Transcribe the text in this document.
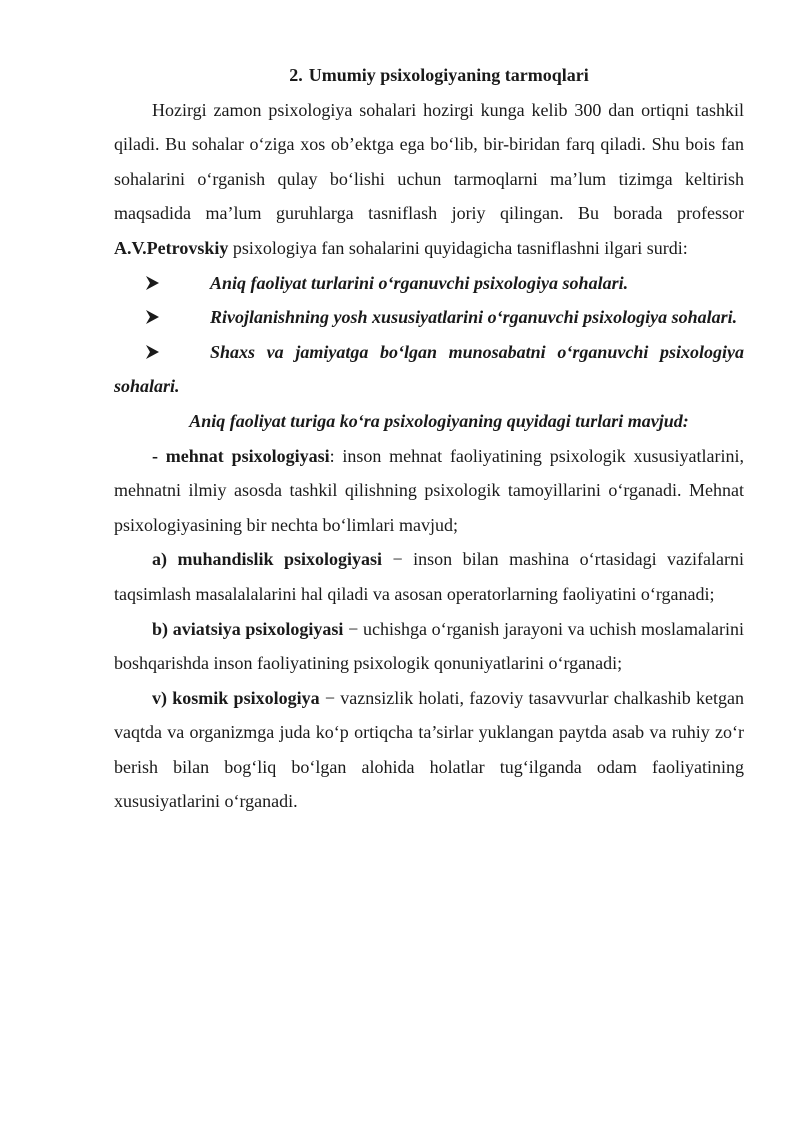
2. Umumiy psixologiyaning tarmoqlari

Hozirgi zamon psixologiya sohalari hozirgi kunga kelib 300 dan ortiqni tashkil qiladi. Bu sohalar o‘ziga xos ob’ektga ega bo‘lib, bir-biridan farq qiladi. Shu bois fan sohalarini o‘rganish qulay bo‘lishi uchun tarmoqlarni ma’lum tizimga keltirish maqsadida ma’lum guruhlarga tasniflash joriy qilingan. Bu borada professor A.V.Petrovskiy psixologiya fan sohalarini quyidagicha tasniflashni ilgari surdi:

Aniq faoliyat turlarini o‘rganuvchi psixologiya sohalari.

Rivojlanishning yosh xususiyatlarini o‘rganuvchi psixologiya sohalari.

Shaxs va jamiyatga bo‘lgan munosabatni o‘rganuvchi psixologiya sohalari.

Aniq faoliyat turiga ko‘ra psixologiyaning quyidagi turlari mavjud:

- mehnat psixologiyasi: inson mehnat faoliyatining psixologik xususiyatlarini, mehnatni ilmiy asosda tashkil qilishning psixologik tamoyillarini o‘rganadi. Mehnat psixologiyasining bir nechta bo‘limlari mavjud;

a) muhandislik psixologiyasi − inson bilan mashina o‘rtasidagi vazifalarni taqsimlash masalalalarini hal qiladi va asosan operatorlarning faoliyatini o‘rganadi;

b) aviatsiya psixologiyasi − uchishga o‘rganish jarayoni va uchish moslamalarini boshqarishda inson faoliyatining psixologik qonuniyatlarini o‘rganadi;

v) kosmik psixologiya − vaznsizlik holati, fazoviy tasavvurlar chalkashib ketgan vaqtda va organizmga juda ko‘p ortiqcha ta’sirlar yuklangan paytda asab va ruhiy zo‘r berish bilan bog‘liq bo‘lgan alohida holatlar tug‘ilganda odam faoliyatining xususiyatlarini o‘rganadi.
